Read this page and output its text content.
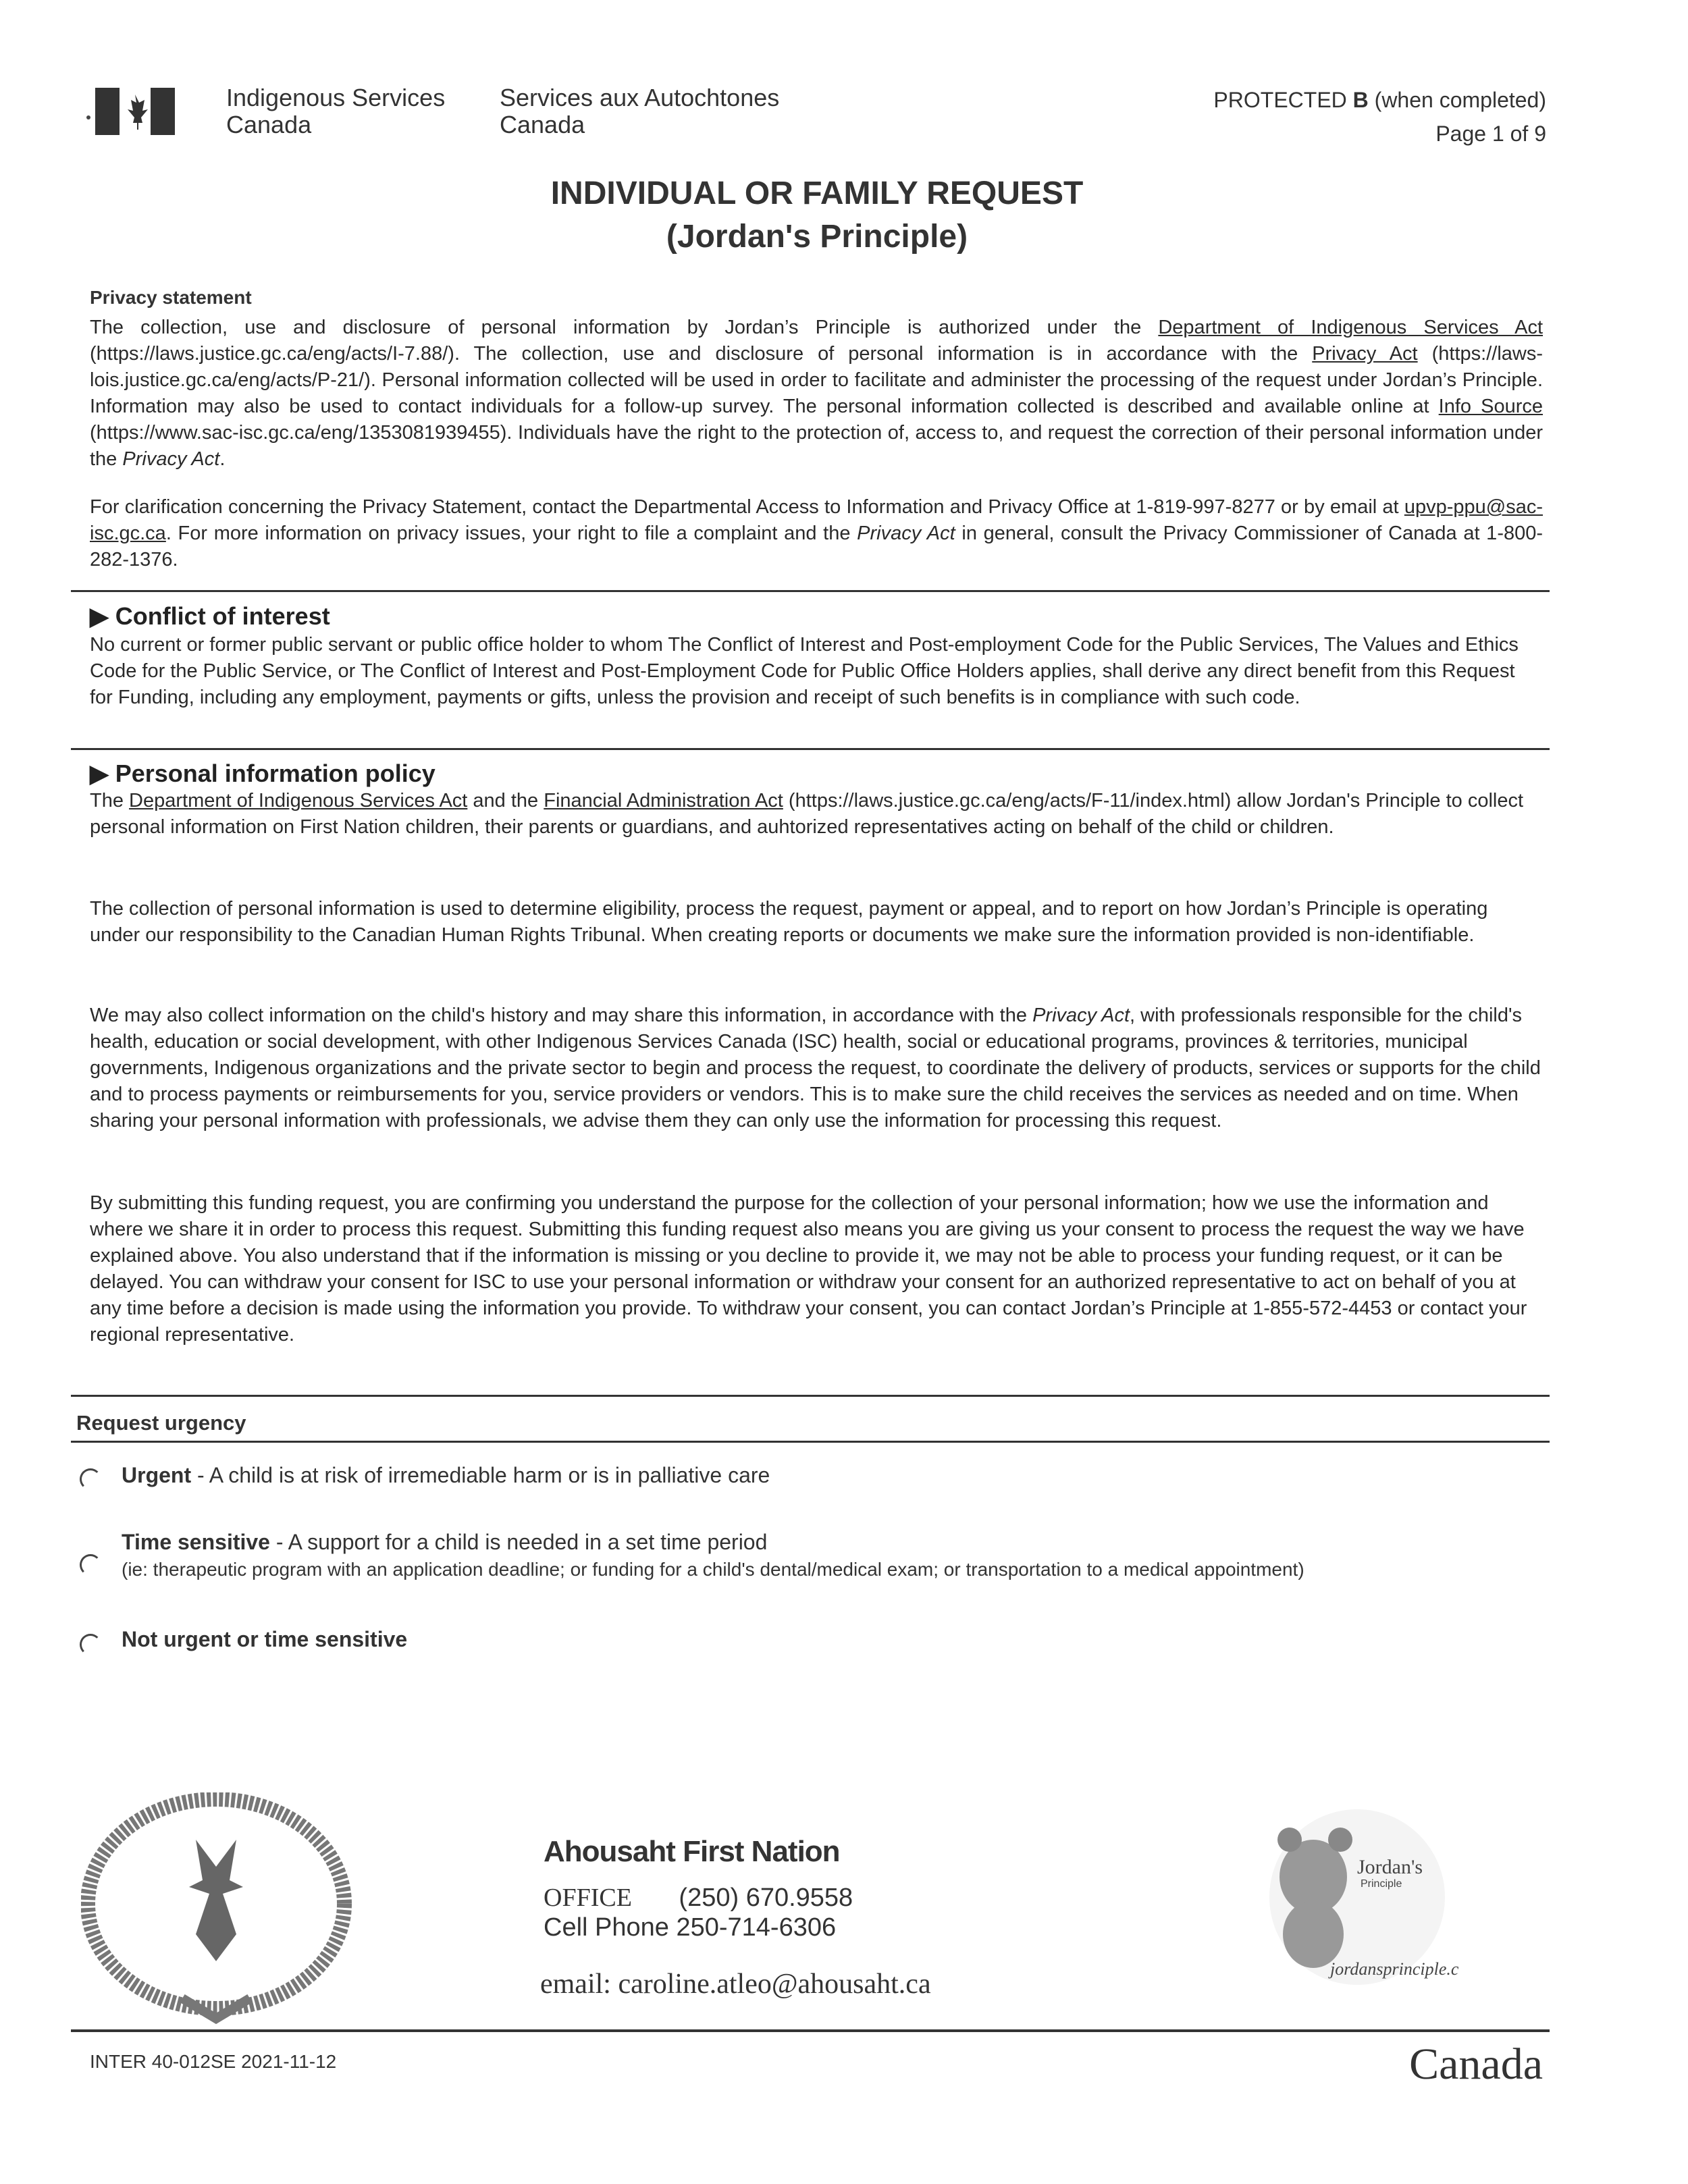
Indigenous Services
Canada
Services aux Autochtones
Canada
PROTECTED B (when completed)
Page 1 of 9
INDIVIDUAL OR FAMILY REQUEST
(Jordan's Principle)
Privacy statement
The collection, use and disclosure of personal information by Jordan’s Principle is authorized under the Department of Indigenous Services Act (https://laws.justice.gc.ca/eng/acts/I-7.88/). The collection, use and disclosure of personal information is in accordance with the Privacy Act (https://laws-lois.justice.gc.ca/eng/acts/P-21/). Personal information collected will be used in order to facilitate and administer the processing of the request under Jordan’s Principle. Information may also be used to contact individuals for a follow-up survey. The personal information collected is described and available online at Info Source (https://www.sac-isc.gc.ca/eng/1353081939455). Individuals have the right to the protection of, access to, and request the correction of their personal information under the Privacy Act.
For clarification concerning the Privacy Statement, contact the Departmental Access to Information and Privacy Office at 1-819-997-8277 or by email at upvp-ppu@sac-isc.gc.ca. For more information on privacy issues, your right to file a complaint and the Privacy Act in general, consult the Privacy Commissioner of Canada at 1-800-282-1376.
▶ Conflict of interest
No current or former public servant or public office holder to whom The Conflict of Interest and Post-employment Code for the Public Services, The Values and Ethics Code for the Public Service, or The Conflict of Interest and Post-Employment Code for Public Office Holders applies, shall derive any direct benefit from this Request for Funding, including any employment, payments or gifts, unless the provision and receipt of such benefits is in compliance with such code.
▶ Personal information policy
The Department of Indigenous Services Act and the Financial Administration Act (https://laws.justice.gc.ca/eng/acts/F-11/index.html) allow Jordan's Principle to collect personal information on First Nation children, their parents or guardians, and auhtorized representatives acting on behalf of the child or children.
The collection of personal information is used to determine eligibility, process the request, payment or appeal, and to report on how Jordan’s Principle is operating under our responsibility to the Canadian Human Rights Tribunal. When creating reports or documents we make sure the information provided is non-identifiable.
We may also collect information on the child's history and may share this information, in accordance with the Privacy Act, with professionals responsible for the child's health, education or social development, with other Indigenous Services Canada (ISC) health, social or educational programs, provinces & territories, municipal governments, Indigenous organizations and the private sector to begin and process the request, to coordinate the delivery of products, services or supports for the child and to process payments or reimbursements for you, service providers or vendors. This is to make sure the child receives the services as needed and on time. When sharing your personal information with professionals, we advise them they can only use the information for processing this request.
By submitting this funding request, you are confirming you understand the purpose for the collection of your personal information; how we use the information and where we share it in order to process this request. Submitting this funding request also means you are giving us your consent to process the request the way we have explained above. You also understand that if the information is missing or you decline to provide it, we may not be able to process your funding request, or it can be delayed. You can withdraw your consent for ISC to use your personal information or withdraw your consent for an authorized representative to act on behalf of you at any time before a decision is made using the information you provide. To withdraw your consent, you can contact Jordan’s Principle at 1-855-572-4453 or contact your regional representative.
Request urgency
Urgent - A child is at risk of irremediable harm or is in palliative care
Time sensitive - A support for a child is needed in a set time period
(ie: therapeutic program with an application deadline; or funding for a child's dental/medical exam; or transportation to a medical appointment)
Not urgent or time sensitive
Ahousaht First Nation
OFFICE (250) 670.9558
Cell Phone 250-714-6306
email: caroline.atleo@ahousaht.ca
Jordan's
Principle
jordansprinciple.ca
INTER 40-012SE 2021-11-12	Canada
